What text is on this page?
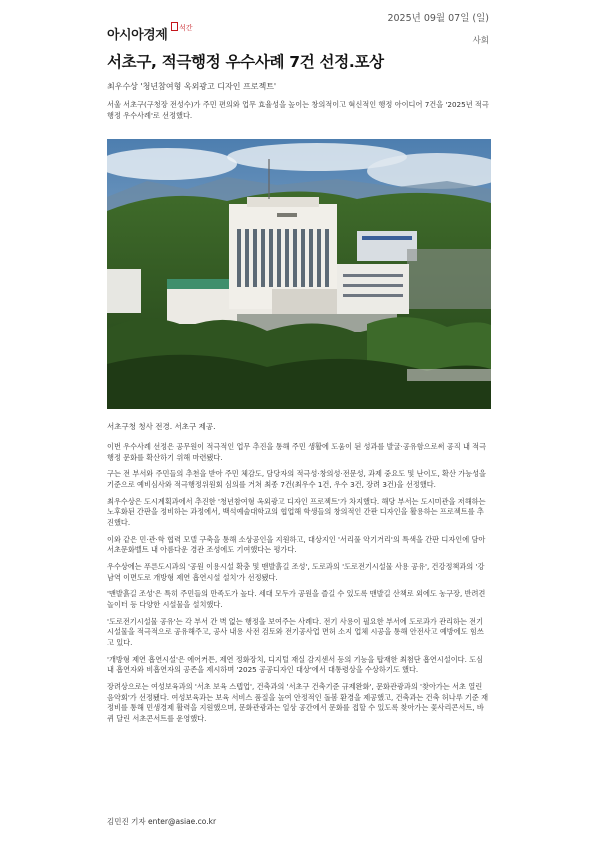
아시아경제	석간
2025년 09월 07일 (일)
사회
서초구, 적극행정 우수사례 7건 선정.포상
최우수상 '청년참여형 옥외광고 디자인 프로젝트'

서울 서초구(구청장 전성수)가 주민 편의와 업무 효율성을 높이는 창의적이고 혁신적인 행정 아이디어 7건을 '2025년 적극행정 우수사례'로 선정했다.

서초구청 청사 전경. 서초구 제공.

이번 우수사례 선정은 공무원이 적극적인 업무 추진을 통해 주민 생활에 도움이 된 성과를 발굴·공유함으로써 공직 내 적극행정 문화를 확산하기 위해 마련됐다.

구는 전 부서와 주민들의 추천을 받아 주민 체감도, 담당자의 적극성·창의성·전문성, 과제 중요도 및 난이도, 확산 가능성을 기준으로 예비심사와 적극행정위원회 심의를 거쳐 최종 7건(최우수 1건, 우수 3건, 장려 3건)을 선정했다.

최우수상은 도시계획과에서 추진한 '청년참여형 옥외광고 디자인 프로젝트'가 차지했다. 해당 부서는 도시미관을 저해하는 노후화된 간판을 정비하는 과정에서, 백석예술대학교의 협업해 학생들의 창의적인 간판 디자인을 활용하는 프로젝트를 추진했다.

이와 같은 민·관·학 협력 모델 구축을 통해 소상공인을 지원하고, 대상지인 '서리풀 악기거리'의 특색을 간판 디자인에 담아 서초문화벨트 내 아름다운 경관 조성에도 기여했다는 평가다.

우수상에는 푸른도시과의 '공원 이용시설 확충 및 맨발흙길 조성', 도로과의 '도로전기시설물 사용 공유', 건강정책과의 '강남역 이면도로 개방형 제연 흡연시설 설치'가 선정됐다.

'맨발흙길 조성'은 특히 주민들의 만족도가 높다. 세대 모두가 공원을 즐길 수 있도록 맨발길 산책로 외에도 농구장, 반려견 놀이터 등 다양한 시설물을 설치했다.

'도로전기시설물 공유'는 각 부서 간 벽 없는 행정을 보여주는 사례다. 전기 사용이 필요한 부서에 도로과가 관리하는 전기시설물을 적극적으로 공유해주고, 공사 내용 사전 검토와 전기공사업 면허 소지 업체 시공을 통해 안전사고 예방에도 힘쓰고 있다.

'개방형 제연 흡연시설'은 에어커튼, 제연 정화장치, 디지털 재실 감지센서 등의 기능을 탑재한 최첨단 흡연시설이다. 도심 내 흡연자와 비흡연자의 공존을 제시하며 '2025 공공디자인 대상'에서 대통령상을 수상하기도 했다.

장려상으로는 여성보육과의 '서초 보육 스텝업', 건축과의 '서초구 건축기준 규제완화', 문화관광과의 '찾아가는 서초 열린음악회'가 선정됐다. 여성보육과는 보육 서비스 품질을 높여 안정적인 돌봄 환경을 제공했고, 건축과는 건축 허나루 기준 재정비를 통해 민생경제 활력을 지원했으며, 문화관광과는 일상 공간에서 문화를 접할 수 있도록 찾아가는 꽃사리콘서트, 바퀴 달린 서초콘서트를 운영했다.

김민진 기자 enter@asiae.co.kr
